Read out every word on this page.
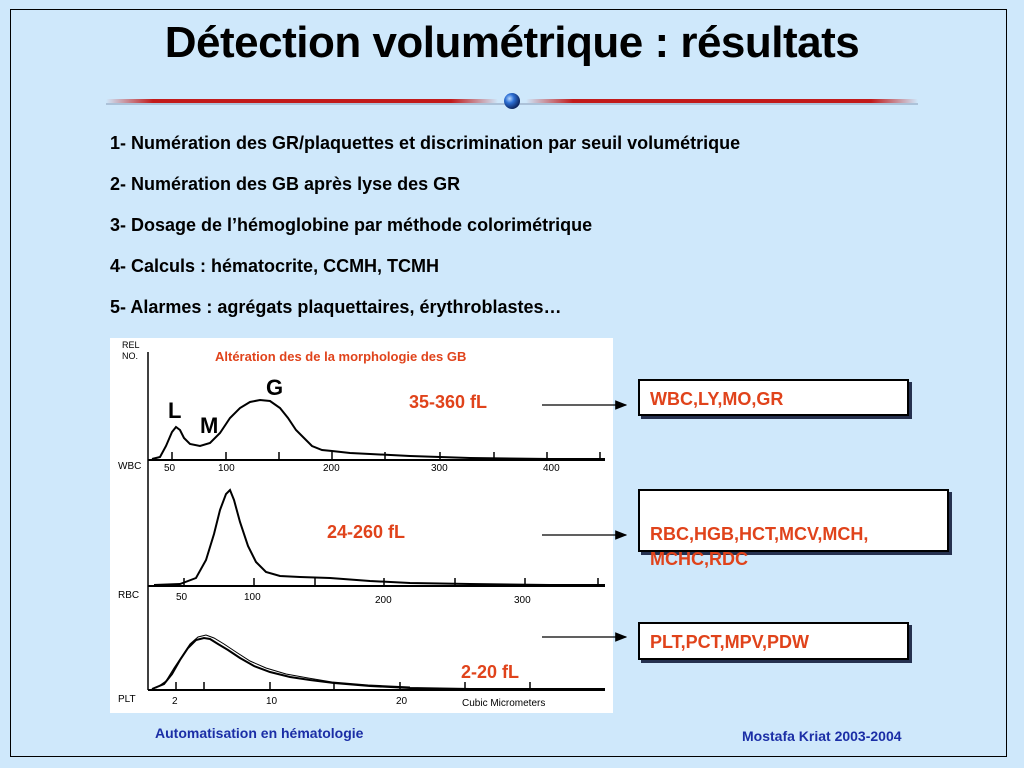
Détection volumétrique : résultats
1- Numération des GR/plaquettes et discrimination par seuil volumétrique
2- Numération des GB après lyse des GR
3- Dosage de l’hémoglobine par méthode colorimétrique
4- Calculs : hématocrite, CCMH, TCMH
5- Alarmes : agrégats plaquettaires, érythroblastes…
REL
NO.
WBC 50	100	200	300	400
L
M
G
RBC	50	100	200	300
PLT	2	10	20	Cubic Micrometers
Altération des de la morphologie des GB
35-360 fL
24-260 fL
2-20 fL
WBC,LY,MO,GR

RBC,HGB,HCT,MCV,MCH,
MCHC,RDC

PLT,PCT,MPV,PDW
Automatisation en hématologie	Mostafa Kriat 2003-2004
